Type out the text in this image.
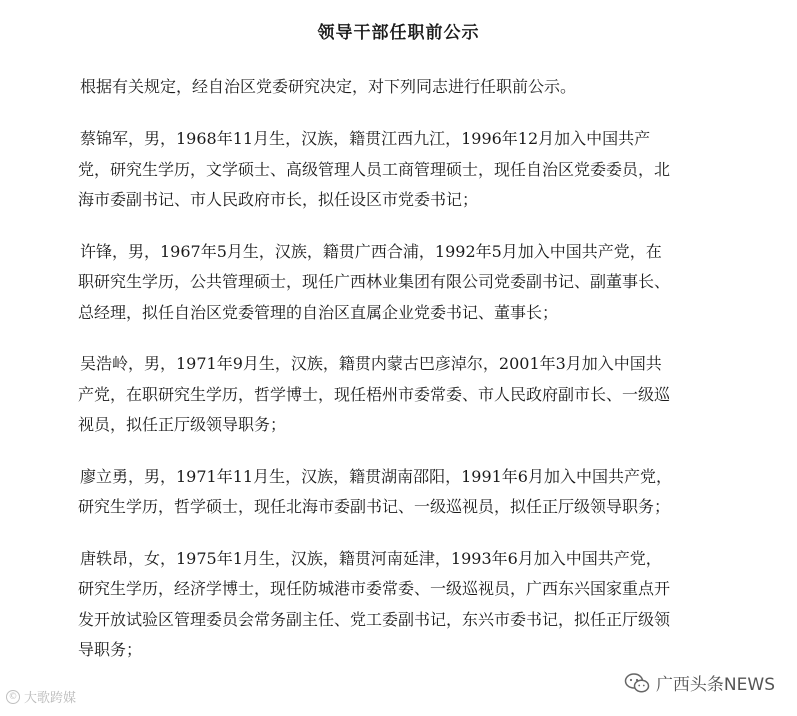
领导干部任职前公示
根据有关规定，经自治区党委研究决定，对下列同志进行任职前公示。
蔡锦军，男，1968年11月生，汉族，籍贯江西九江，1996年12月加入中国共产
党，研究生学历，文学硕士、高级管理人员工商管理硕士，现任自治区党委委员，北
海市委副书记、市人民政府市长，拟任设区市党委书记；
许锋，男，1967年5月生，汉族，籍贯广西合浦，1992年5月加入中国共产党，在
职研究生学历，公共管理硕士，现任广西林业集团有限公司党委副书记、副董事长、
总经理，拟任自治区党委管理的自治区直属企业党委书记、董事长；
吴浩岭，男，1971年9月生，汉族，籍贯内蒙古巴彦淖尔，2001年3月加入中国共
产党，在职研究生学历，哲学博士，现任梧州市委常委、市人民政府副市长、一级巡
视员，拟任正厅级领导职务；
廖立勇，男，1971年11月生，汉族，籍贯湖南邵阳，1991年6月加入中国共产党，
研究生学历，哲学硕士，现任北海市委副书记、一级巡视员，拟任正厅级领导职务；
唐轶昂，女，1975年1月生，汉族，籍贯河南延津，1993年6月加入中国共产党，
研究生学历，经济学博士，现任防城港市委常委、一级巡视员，广西东兴国家重点开
发开放试验区管理委员会常务副主任、党工委副书记，东兴市委书记，拟任正厅级领
导职务；
© 大歌跨媒
广西头条NEWS
